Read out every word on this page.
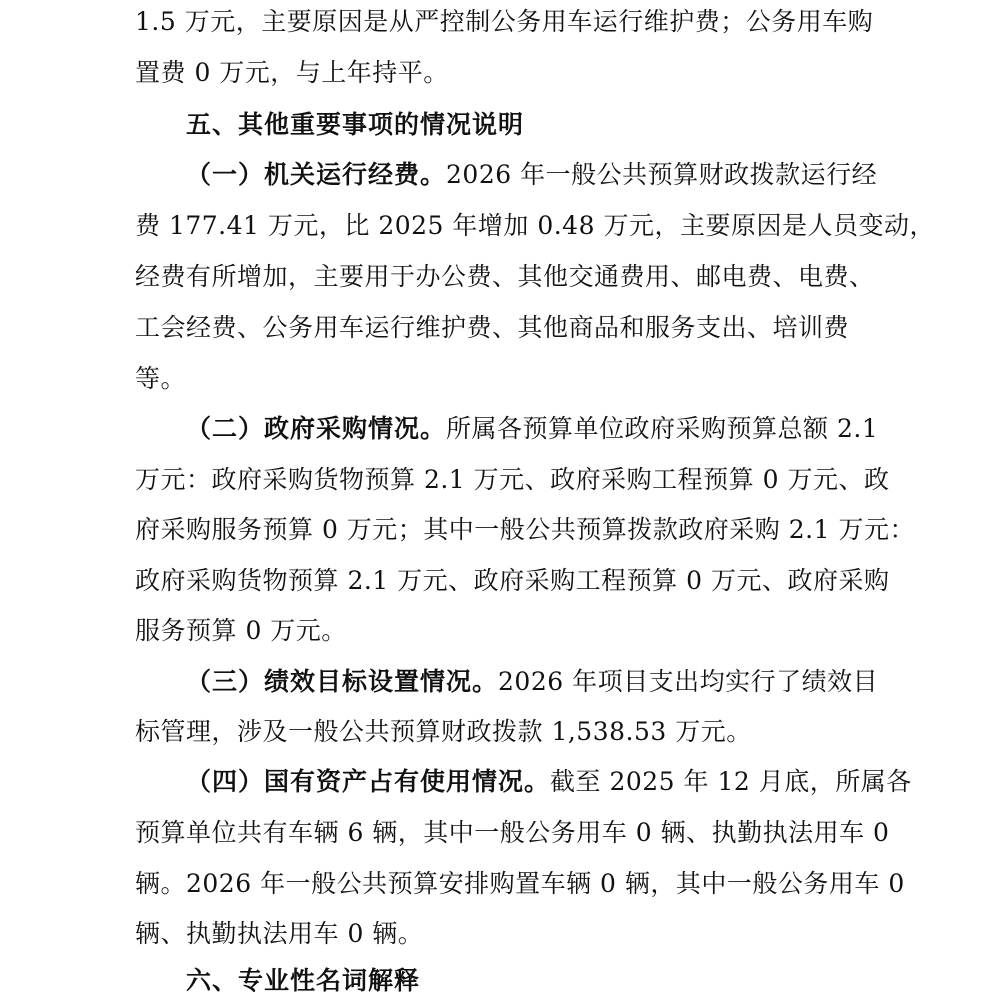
1.5 万元，主要原因是从严控制公务用车运行维护费；公务用车购
置费 0 万元，与上年持平。
五、其他重要事项的情况说明
（一）机关运行经费。2026 年一般公共预算财政拨款运行经
费 177.41 万元，比 2025 年增加 0.48 万元，主要原因是人员变动，
经费有所增加，主要用于办公费、其他交通费用、邮电费、电费、
工会经费、公务用车运行维护费、其他商品和服务支出、培训费
等。
（二）政府采购情况。所属各预算单位政府采购预算总额 2.1
万元：政府采购货物预算 2.1 万元、政府采购工程预算 0 万元、政
府采购服务预算 0 万元；其中一般公共预算拨款政府采购 2.1 万元：
政府采购货物预算 2.1 万元、政府采购工程预算 0 万元、政府采购
服务预算 0 万元。
（三）绩效目标设置情况。2026 年项目支出均实行了绩效目
标管理，涉及一般公共预算财政拨款 1,538.53 万元。
（四）国有资产占有使用情况。截至 2025 年 12 月底，所属各
预算单位共有车辆 6 辆，其中一般公务用车 0 辆、执勤执法用车 0
辆。2026 年一般公共预算安排购置车辆 0 辆，其中一般公务用车 0
辆、执勤执法用车 0 辆。
六、专业性名词解释
